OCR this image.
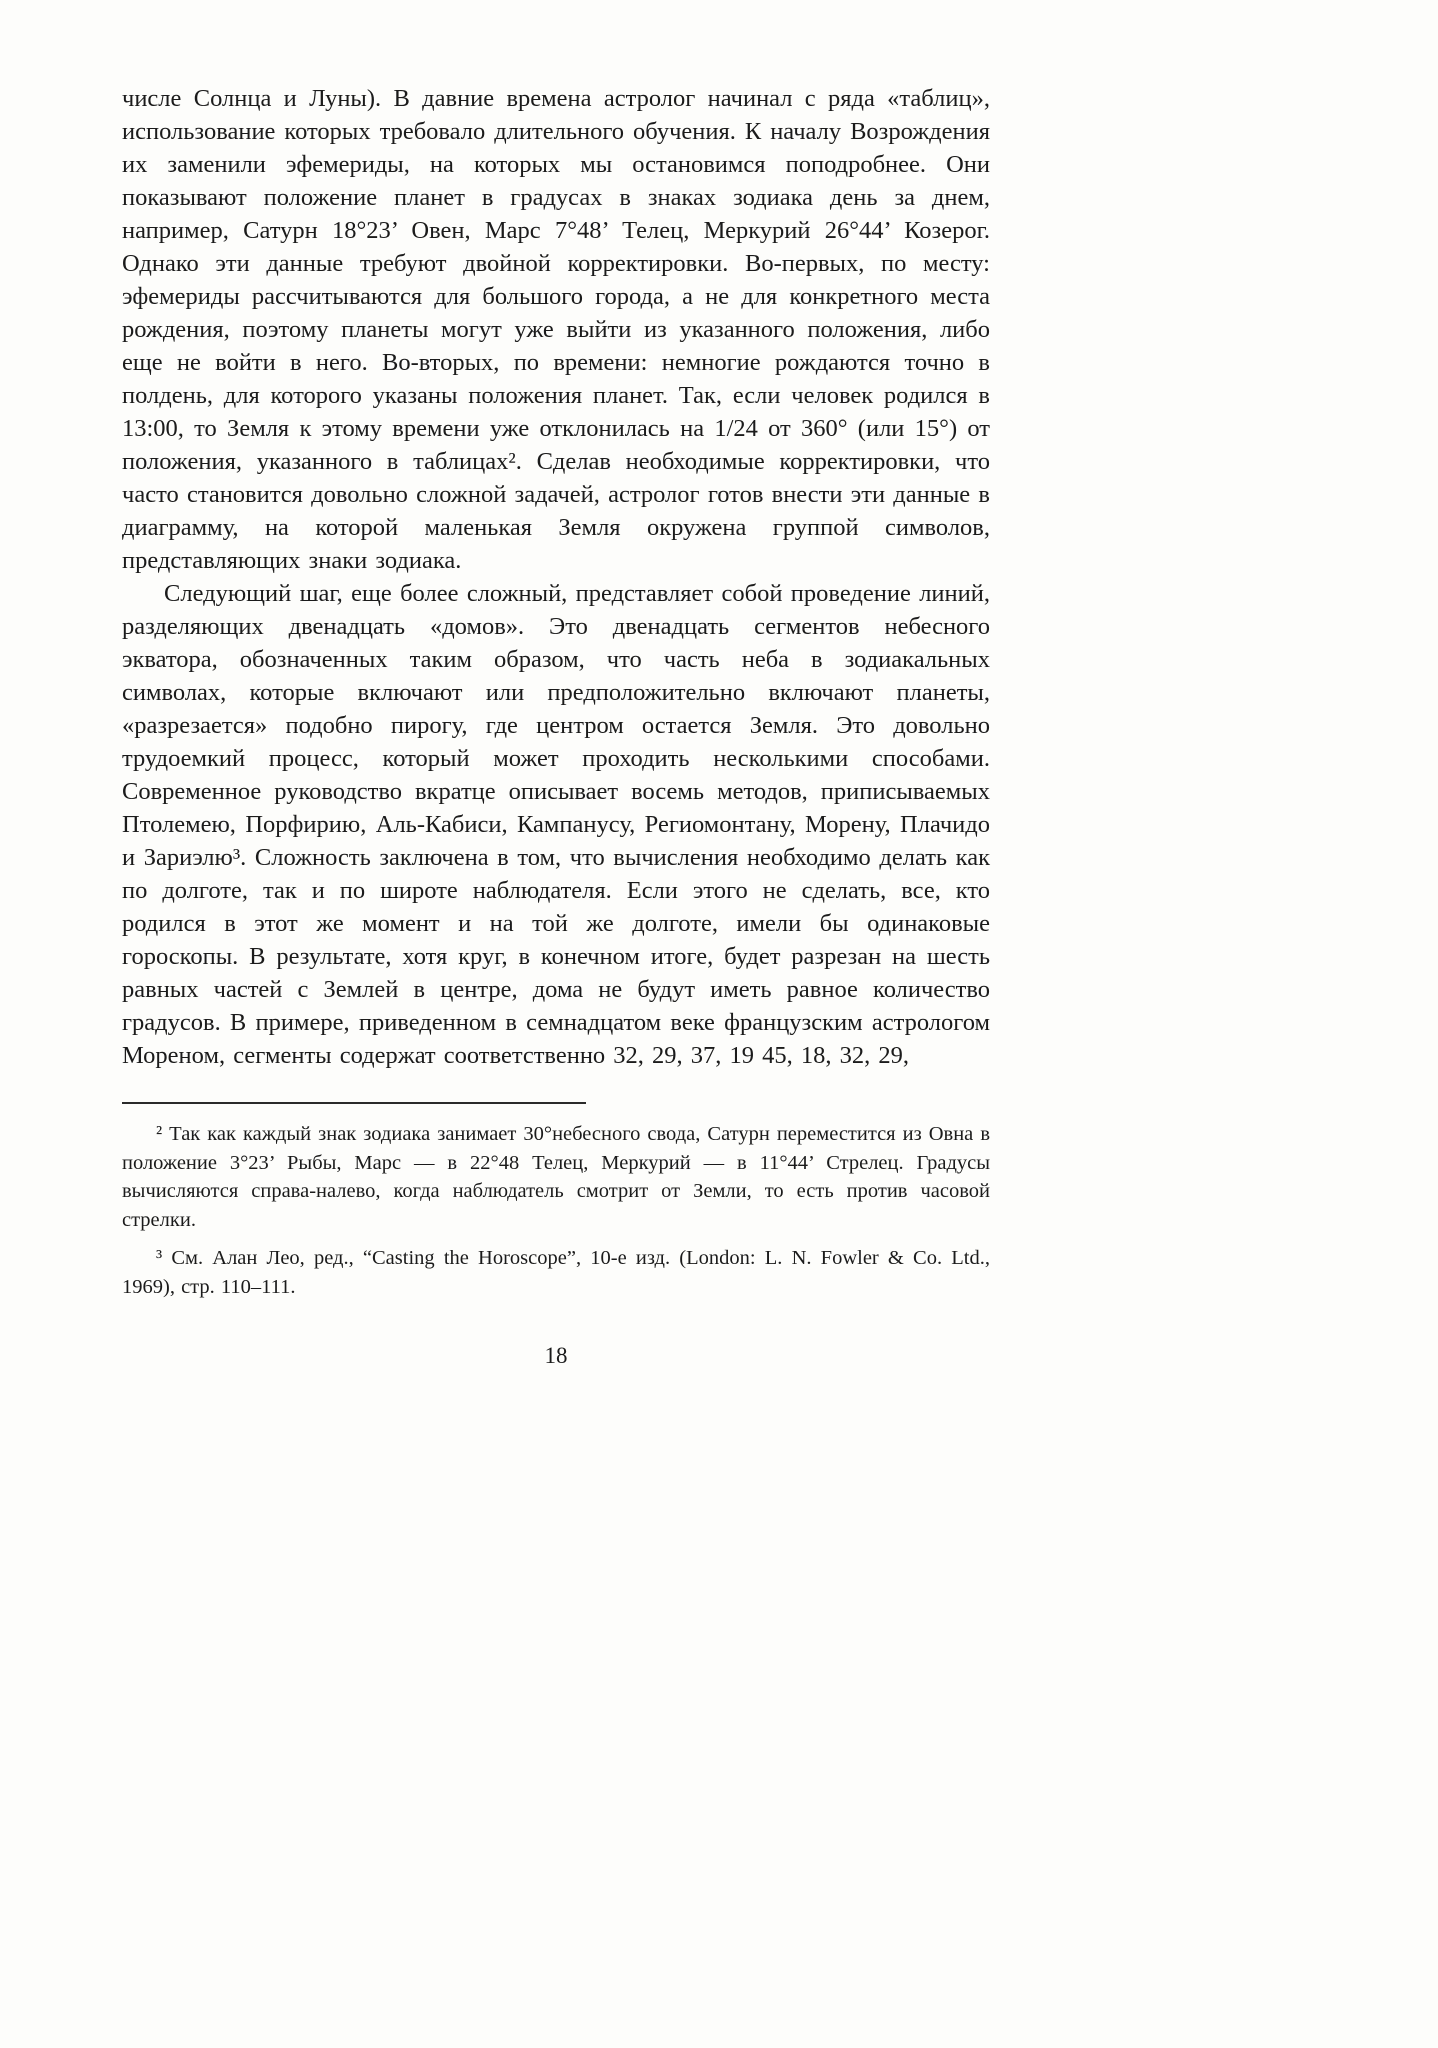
числе Солнца и Луны). В давние времена астролог начинал с ряда «таблиц», использование которых требовало длительного обучения. К началу Возрождения их заменили эфемериды, на которых мы остановимся поподробнее. Они показывают положение планет в градусах в знаках зодиака день за днем, например, Сатурн 18°23’ Овен, Марс 7°48’ Телец, Меркурий 26°44’ Козерог. Однако эти данные требуют двойной корректировки. Во-первых, по месту: эфемериды рассчитываются для большого города, а не для конкретного места рождения, поэтому планеты могут уже выйти из указанного положения, либо еще не войти в него. Во-вторых, по времени: немногие рождаются точно в полдень, для которого указаны положения планет. Так, если человек родился в 13:00, то Земля к этому времени уже отклонилась на 1/24 от 360° (или 15°) от положения, указанного в таблицах². Сделав необходимые корректировки, что часто становится довольно сложной задачей, астролог готов внести эти данные в диаграмму, на которой маленькая Земля окружена группой символов, представляющих знаки зодиака.

Следующий шаг, еще более сложный, представляет собой проведение линий, разделяющих двенадцать «домов». Это двенадцать сегментов небесного экватора, обозначенных таким образом, что часть неба в зодиакальных символах, которые включают или предположительно включают планеты, «разрезается» подобно пирогу, где центром остается Земля. Это довольно трудоемкий процесс, который может проходить несколькими способами. Современное руководство вкратце описывает восемь методов, приписываемых Птолемею, Порфирию, Аль-Кабиси, Кампанусу, Региомонтану, Морену, Плачидо и Зариэлю³. Сложность заключена в том, что вычисления необходимо делать как по долготе, так и по широте наблюдателя. Если этого не сделать, все, кто родился в этот же момент и на той же долготе, имели бы одинаковые гороскопы. В результате, хотя круг, в конечном итоге, будет разрезан на шесть равных частей с Землей в центре, дома не будут иметь равное количество градусов. В примере, приведенном в семнадцатом веке французским астрологом Мореном, сегменты содержат соответственно 32, 29, 37, 19 45, 18, 32, 29,

² Так как каждый знак зодиака занимает 30°небесного свода, Сатурн переместится из Овна в положение 3°23’ Рыбы, Марс — в 22°48 Телец, Меркурий — в 11°44’ Стрелец. Градусы вычисляются справа-налево, когда наблюдатель смотрит от Земли, то есть против часовой стрелки.

³ См. Алан Лео, ред., “Casting the Horoscope”, 10-е изд. (London: L. N. Fowler & Co. Ltd., 1969), стр. 110–111.

18
